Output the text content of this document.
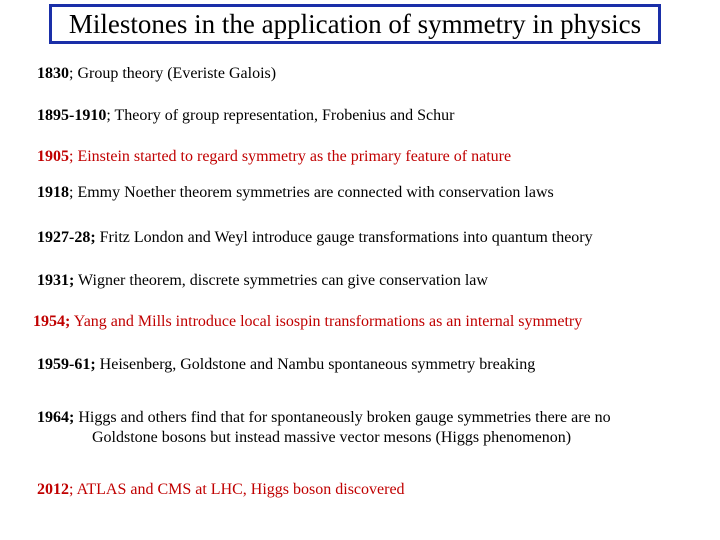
Milestones in the application of symmetry in physics
1830; Group theory (Everiste Galois)
1895-1910; Theory of group representation, Frobenius and Schur
1905; Einstein started to regard symmetry as the primary feature of nature
1918; Emmy Noether theorem symmetries are connected with conservation laws
1927-28; Fritz London and Weyl introduce gauge transformations into quantum theory
1931; Wigner theorem, discrete symmetries can give conservation law
1954; Yang and Mills introduce local isospin transformations as an internal symmetry
1959-61; Heisenberg, Goldstone and Nambu spontaneous symmetry breaking
1964; Higgs and others find that for spontaneously broken gauge symmetries there are no
Goldstone bosons but instead massive vector mesons (Higgs phenomenon)
2012; ATLAS and CMS at LHC, Higgs boson discovered
